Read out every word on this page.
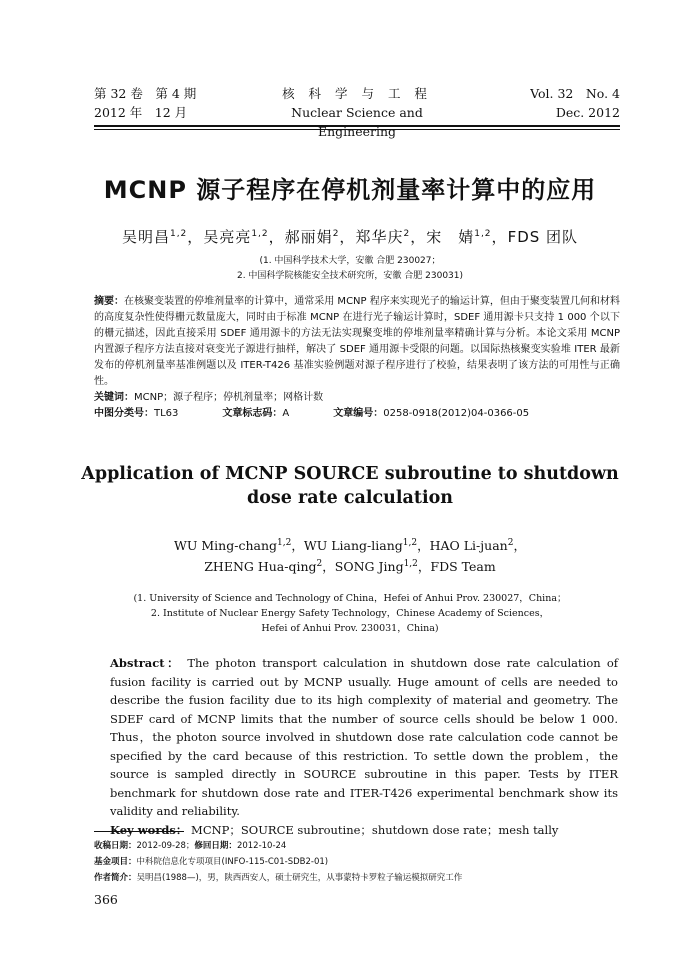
第 32 卷　第 4 期	核 科 学 与 工 程	Vol. 32　No. 4
2012 年　12 月	Nuclear Science and Engineering
Dec. 2012
MCNP 源子程序在停机剂量率计算中的应用
吴明昌$^{1,2}$，吴亮亮$^{1,2}$，郝丽娟$^2$，郑华庆$^2$，宋　婧$^{1,2}$，FDS 团队
(1. 中国科学技术大学，安徽 合肥 230027；
2. 中国科学院核能安全技术研究所，安徽 合肥 230031)

摘要：在核聚变装置的停堆剂量率的计算中，通常采用 MCNP 程序来实现光子的输运计算，但由于聚变装置几何和材料的高度复杂性使得栅元数量庞大，同时由于标准 MCNP 在进行光子输运计算时，SDEF 通用源卡只支持 1 000 个以下的栅元描述，因此直接采用 SDEF 通用源卡的方法无法实现聚变堆的停堆剂量率精确计算与分析。本论文采用 MCNP 内置源子程序方法直接对衰变光子源进行抽样，解决了 SDEF 通用源卡受限的问题。以国际热核聚变实验堆 ITER 最新发布的停机剂量率基准例题以及 ITER-T426 基准实验例题对源子程序进行了校验，结果表明了该方法的可用性与正确性。

关键词：MCNP；源子程序；停机剂量率；网格计数

中图分类号：TL63	文章标志码：A	文章编号：0258-0918(2012)04-0366-05

Application of MCNP SOURCE subroutine to shutdown
dose rate calculation
WU Ming-chang$^{1,2}$，WU Liang-liang$^{1,2}$，HAO Li-juan$^2$，
ZHENG Hua-qing$^2$，SONG Jing$^{1,2}$，FDS Team
(1. University of Science and Technology of China，Hefei of Anhui Prov. 230027，China；
2. Institute of Nuclear Energy Safety Technology，Chinese Academy of Sciences，
Hefei of Anhui Prov. 230031，China)

Abstract： The photon transport calculation in shutdown dose rate calculation of fusion facility is carried out by MCNP usually. Huge amount of cells are needed to describe the fusion facility due to its high complexity of material and geometry. The SDEF card of MCNP limits that the number of source cells should be below 1 000. Thus，the photon source involved in shutdown dose rate calculation code cannot be specified by the card because of this restriction. To settle down the problem，the source is sampled directly in SOURCE subroutine in this paper. Tests by ITER benchmark for shutdown dose rate and ITER-T426 experimental benchmark show its validity and reliability.

Key words： MCNP；SOURCE subroutine；shutdown dose rate；mesh tally

收稿日期：2012-09-28；修回日期：2012-10-24

基金项目：中科院信息化专项项目(INFO-115-C01-SDB2-01)

作者简介：吴明昌(1988—)，男，陕西西安人，硕士研究生，从事蒙特卡罗粒子输运模拟研究工作

366
